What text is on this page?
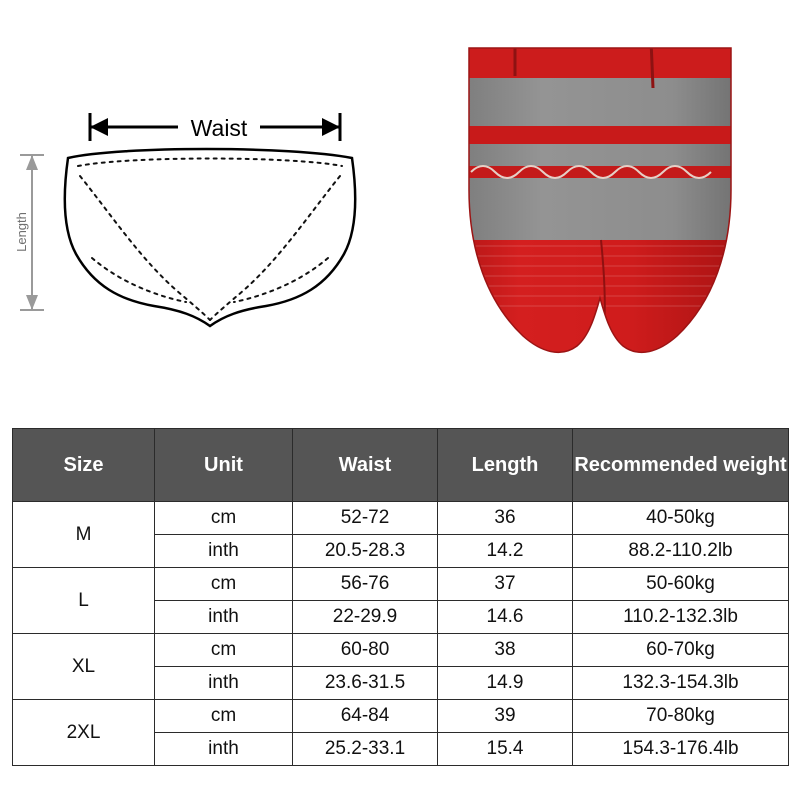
Waist
Length
Size	Unit	Waist	Length	Recommended weight
M	cm	52-72	36	40-50kg
	inth	20.5-28.3	14.2	88.2-110.2lb
L	cm	56-76	37	50-60kg
	inth	22-29.9	14.6	110.2-132.3lb
XL	cm	60-80	38	60-70kg
	inth	23.6-31.5	14.9	132.3-154.3lb
2XL	cm	64-84	39	70-80kg
	inth	25.2-33.1	15.4	154.3-176.4lb
